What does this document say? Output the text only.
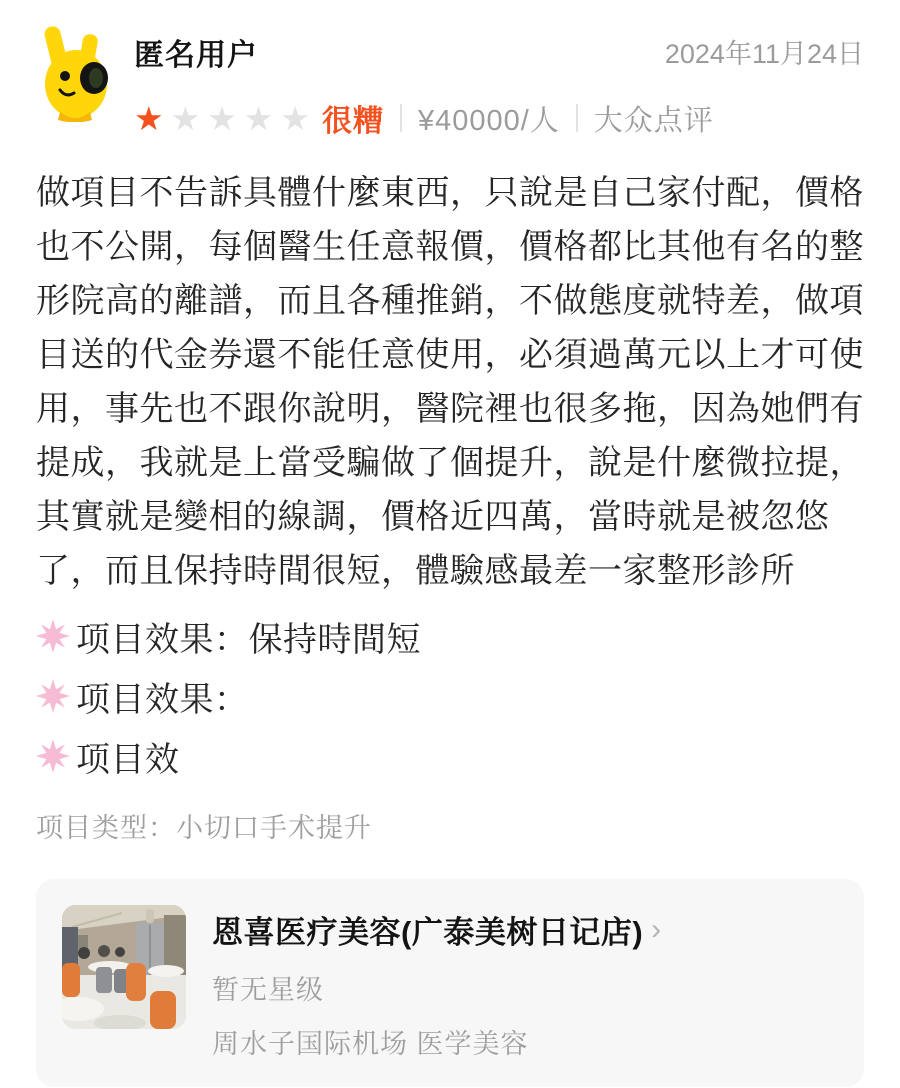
匿名用户	2024年11月24日
★ ★ ★ ★ ★ 很糟 ¥40000/人 大众点评
做項目不告訴具體什麼東西，只說是自己家付配，價格也不公開，每個醫生任意報價，價格都比其他有名的整形院高的離譜，而且各種推銷，不做態度就特差，做項目送的代金券還不能任意使用，必須過萬元以上才可使用，事先也不跟你說明，醫院裡也很多拖，因為她們有提成，我就是上當受騙做了個提升，說是什麼微拉提，其實就是變相的線調，價格近四萬，當時就是被忽悠了，而且保持時間很短，體驗感最差一家整形診所
项目效果：保持時間短
项目效果：
项目效
项目类型：小切口手术提升
恩喜医疗美容(广泰美树日记店) ›
暂无星级
周水子国际机场 医学美容
